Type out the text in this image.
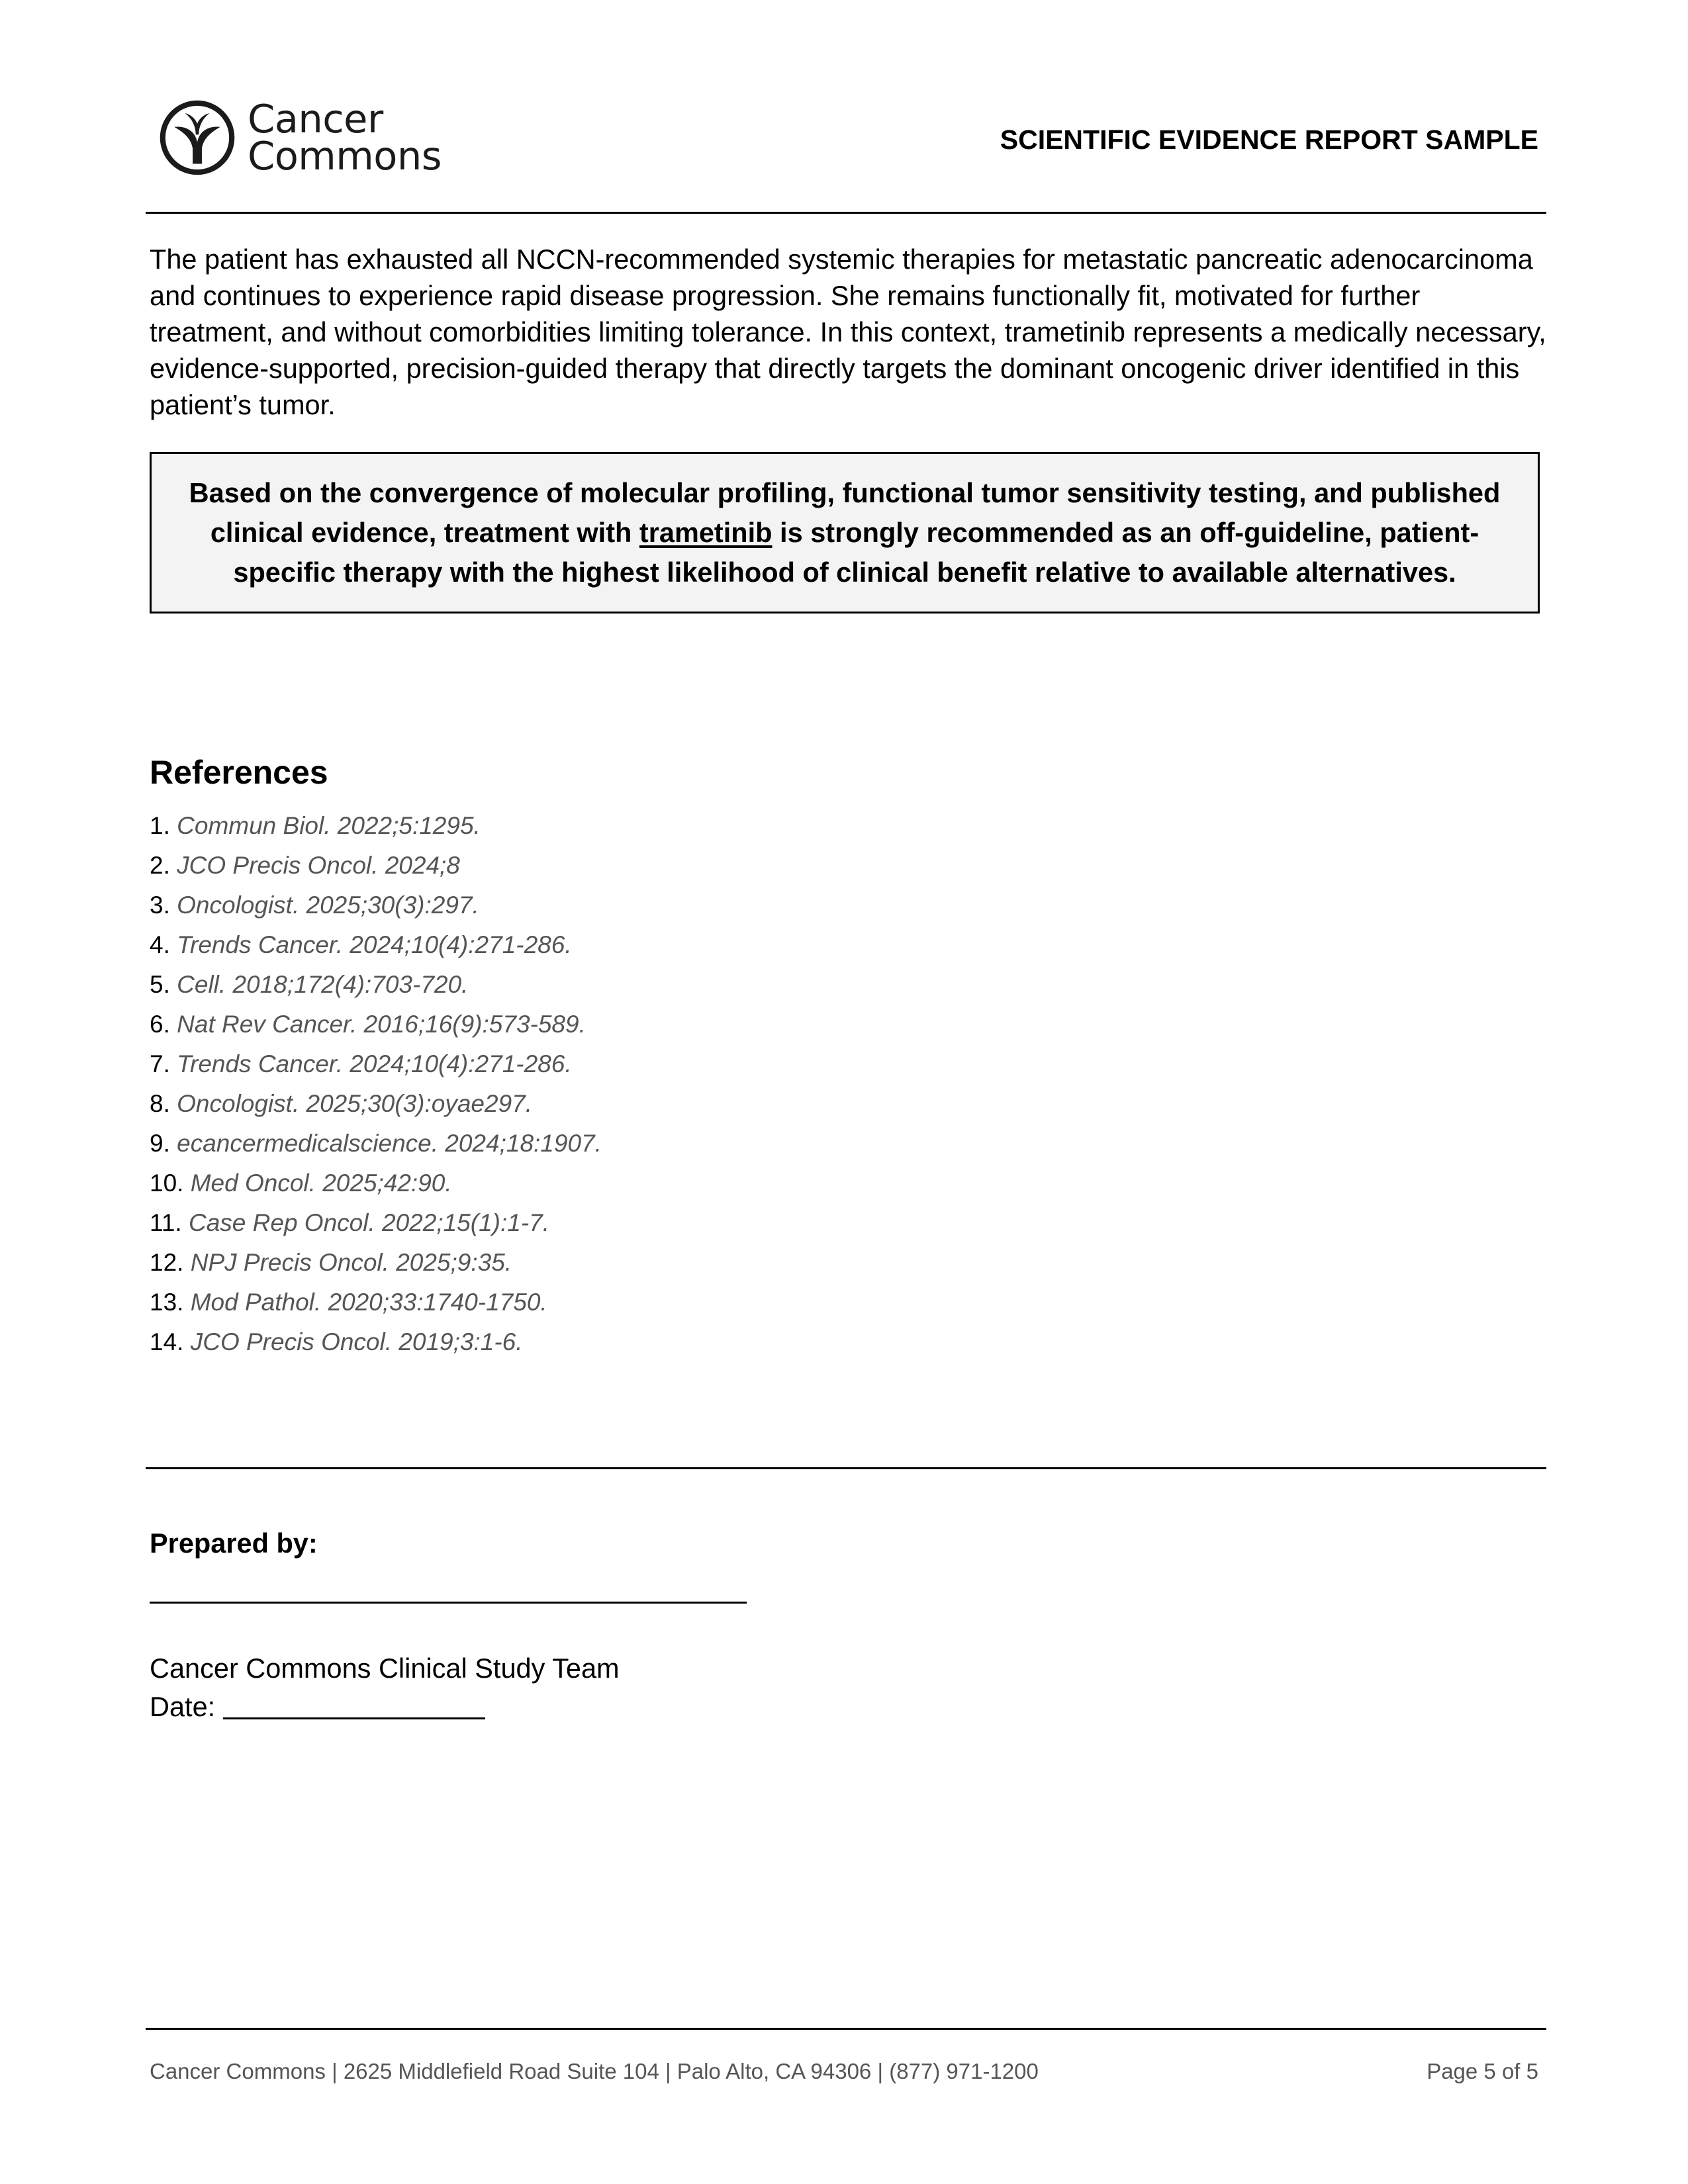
Cancer
Commons	SCIENTIFIC EVIDENCE REPORT SAMPLE

The patient has exhausted all NCCN-recommended systemic therapies for metastatic pancreatic adenocarcinoma and continues to experience rapid disease progression. She remains functionally fit, motivated for further treatment, and without comorbidities limiting tolerance. In this context, trametinib represents a medically necessary, evidence-supported, precision-guided therapy that directly targets the dominant oncogenic driver identified in this patient’s tumor.

Based on the convergence of molecular profiling, functional tumor sensitivity testing, and published clinical evidence, treatment with trametinib is strongly recommended as an off-guideline, patient-specific therapy with the highest likelihood of clinical benefit relative to available alternatives.

References
1. Commun Biol. 2022;5:1295.
2. JCO Precis Oncol. 2024;8
3. Oncologist. 2025;30(3):297.
4. Trends Cancer. 2024;10(4):271-286.
5. Cell. 2018;172(4):703-720.
6. Nat Rev Cancer. 2016;16(9):573-589.
7. Trends Cancer. 2024;10(4):271-286.
8. Oncologist. 2025;30(3):oyae297.
9. ecancermedicalscience. 2024;18:1907.
10. Med Oncol. 2025;42:90.
11. Case Rep Oncol. 2022;15(1):1-7.
12. NPJ Precis Oncol. 2025;9:35.
13. Mod Pathol. 2020;33:1740-1750.
14. JCO Precis Oncol. 2019;3:1-6.

Prepared by:

Cancer Commons Clinical Study Team

Date:
Cancer Commons | 2625 Middlefield Road Suite 104 | Palo Alto, CA 94306 | (877) 971-1200	Page 5 of 5
